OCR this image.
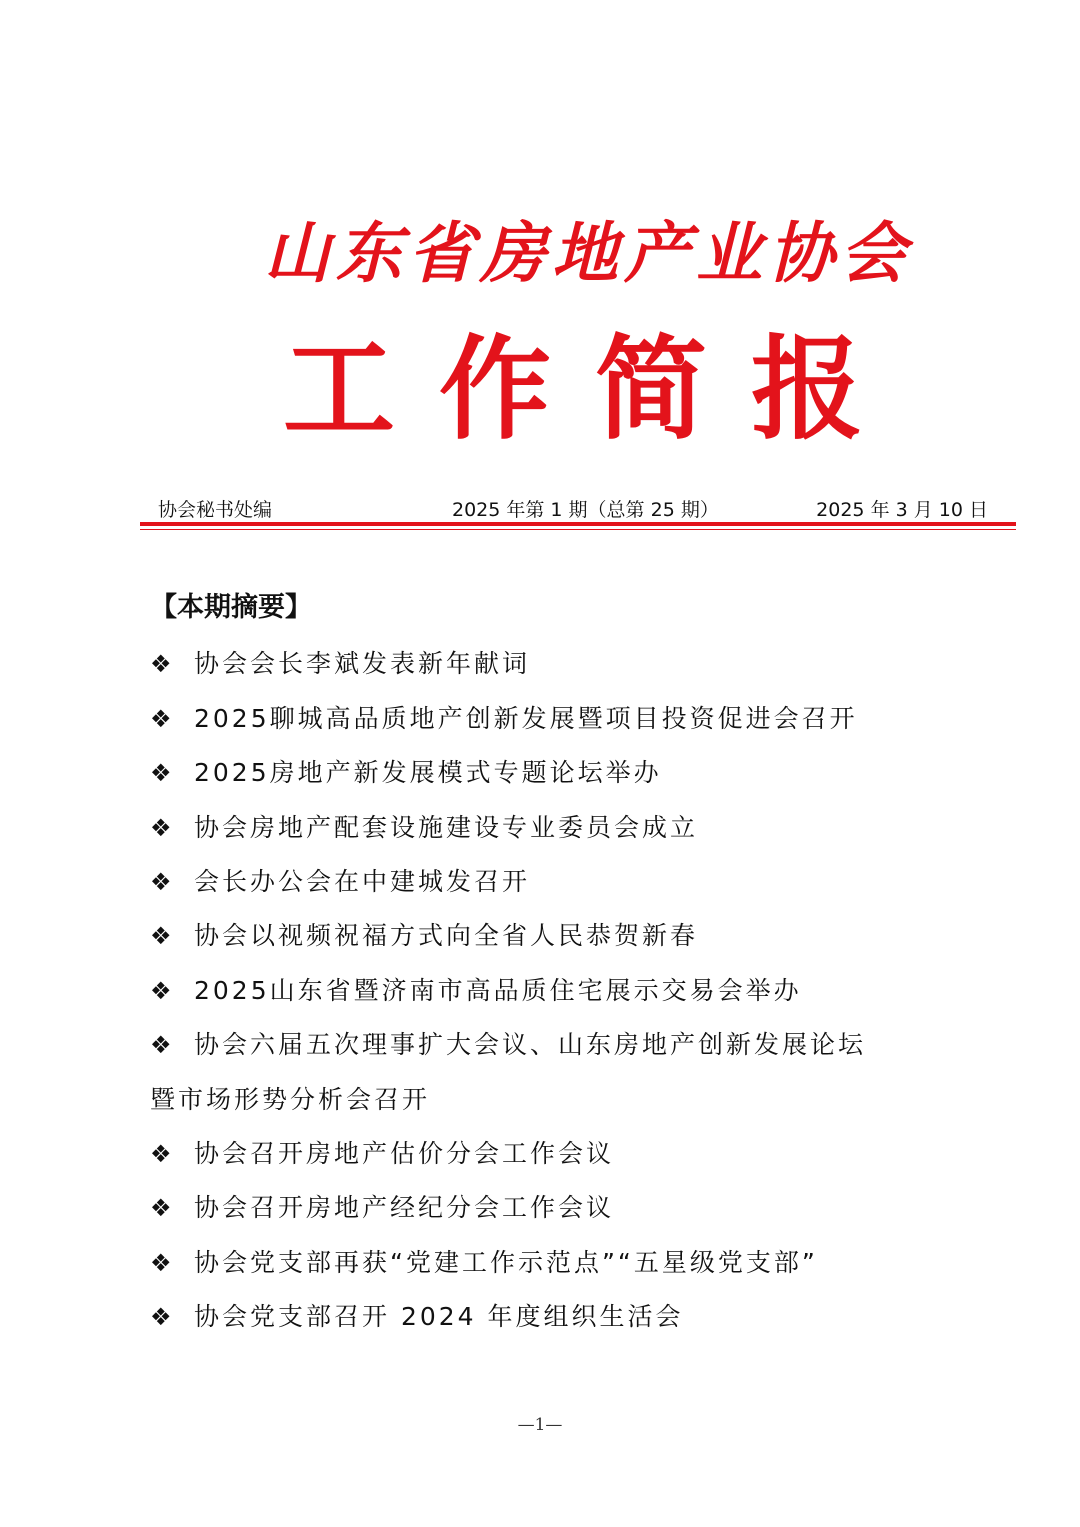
山东省房地产业协会
工作简报
协会秘书处编	2025 年第 1 期（总第 25 期）	2025 年 3 月 10 日
【本期摘要】
❖ 协会会长李斌发表新年献词
❖ 2025聊城高品质地产创新发展暨项目投资促进会召开
❖ 2025房地产新发展模式专题论坛举办
❖ 协会房地产配套设施建设专业委员会成立
❖ 会长办公会在中建城发召开
❖ 协会以视频祝福方式向全省人民恭贺新春
❖ 2025山东省暨济南市高品质住宅展示交易会举办
❖ 协会六届五次理事扩大会议、山东房地产创新发展论坛
暨市场形势分析会召开
❖ 协会召开房地产估价分会工作会议
❖ 协会召开房地产经纪分会工作会议
❖ 协会党支部再获“党建工作示范点”“五星级党支部”
❖ 协会党支部召开 2024 年度组织生活会
—1—
